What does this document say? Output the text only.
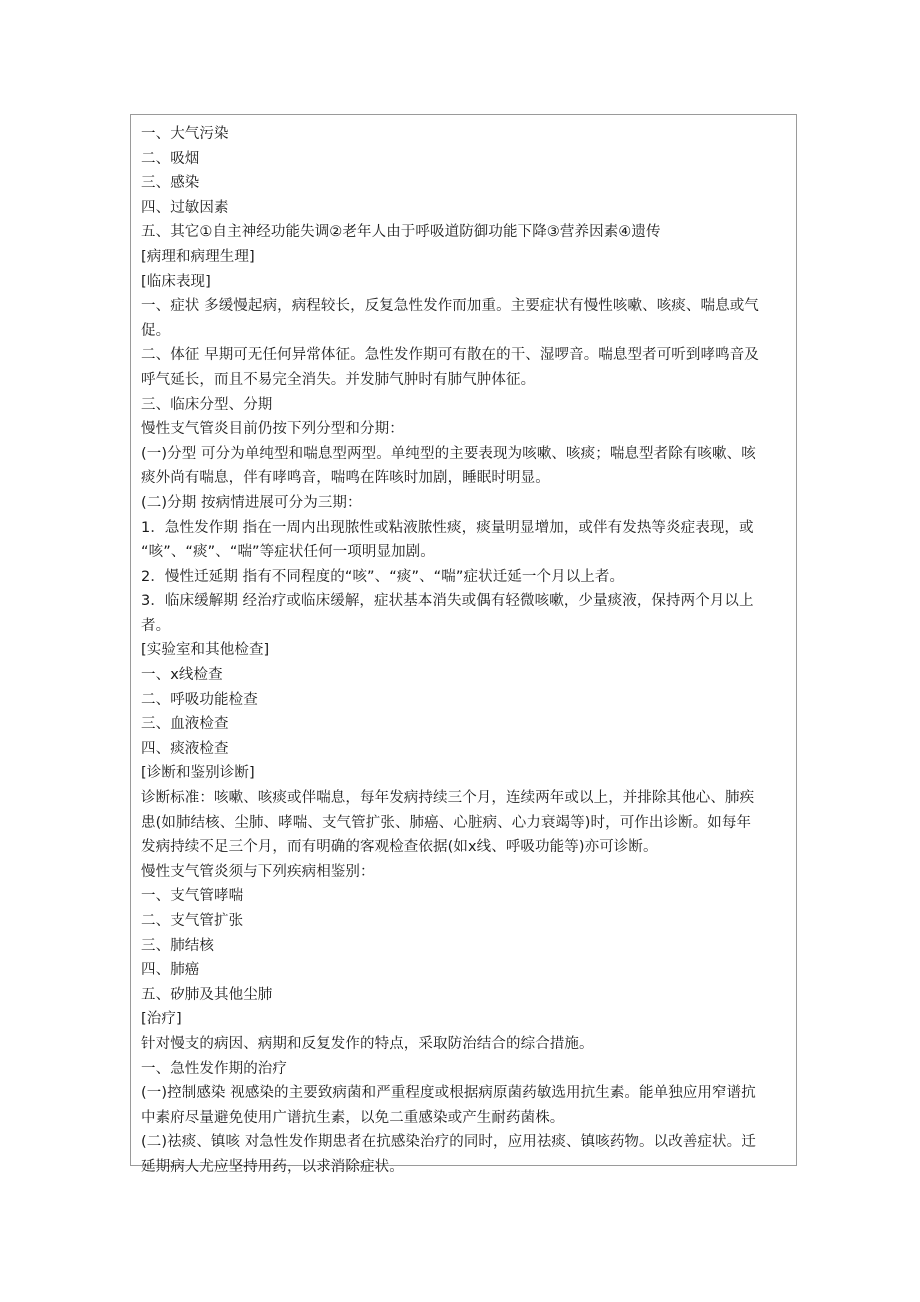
一、大气污染
二、吸烟
三、感染
四、过敏因素
五、其它①自主神经功能失调②老年人由于呼吸道防御功能下降③营养因素④遗传
[病理和病理生理]
[临床表现]
一、症状 多缓慢起病，病程较长，反复急性发作而加重。主要症状有慢性咳嗽、咳痰、喘息或气
促。
二、体征 早期可无任何异常体征。急性发作期可有散在的干、湿啰音。喘息型者可听到哮鸣音及
呼气延长，而且不易完全消失。并发肺气肿时有肺气肿体征。
三、临床分型、分期
慢性支气管炎目前仍按下列分型和分期：
(一)分型 可分为单纯型和喘息型两型。单纯型的主要表现为咳嗽、咳痰；喘息型者除有咳嗽、咳
痰外尚有喘息，伴有哮鸣音，喘鸣在阵咳时加剧，睡眠时明显。
(二)分期 按病情进展可分为三期：
1．急性发作期 指在一周内出现脓性或粘液脓性痰，痰量明显增加，或伴有发热等炎症表现，或
“咳”、“痰”、“喘”等症状任何一项明显加剧。
2．慢性迁延期 指有不同程度的“咳”、“痰”、“喘”症状迁延一个月以上者。
3．临床缓解期 经治疗或临床缓解，症状基本消失或偶有轻微咳嗽，少量痰液，保持两个月以上
者。
[实验室和其他检查]
一、x线检查
二、呼吸功能检查
三、血液检查
四、痰液检查
[诊断和鉴别诊断]
诊断标准：咳嗽、咳痰或伴喘息，每年发病持续三个月，连续两年或以上，并排除其他心、肺疾
患(如肺结核、尘肺、哮喘、支气管扩张、肺癌、心脏病、心力衰竭等)时，可作出诊断。如每年
发病持续不足三个月，而有明确的客观检查依据(如x线、呼吸功能等)亦可诊断。
慢性支气管炎须与下列疾病相鉴别：
一、支气管哮喘
二、支气管扩张
三、肺结核
四、肺癌
五、矽肺及其他尘肺
[治疗]
针对慢支的病因、病期和反复发作的特点，采取防治结合的综合措施。
一、急性发作期的治疗
(一)控制感染 视感染的主要致病菌和严重程度或根据病原菌药敏选用抗生素。能单独应用窄谱抗
中素府尽量避免使用广谱抗生素，以免二重感染或产生耐药菌株。
(二)祛痰、镇咳 对急性发作期患者在抗感染治疗的同时，应用祛痰、镇咳药物。以改善症状。迁
延期病人尤应坚持用药，以求消除症状。
